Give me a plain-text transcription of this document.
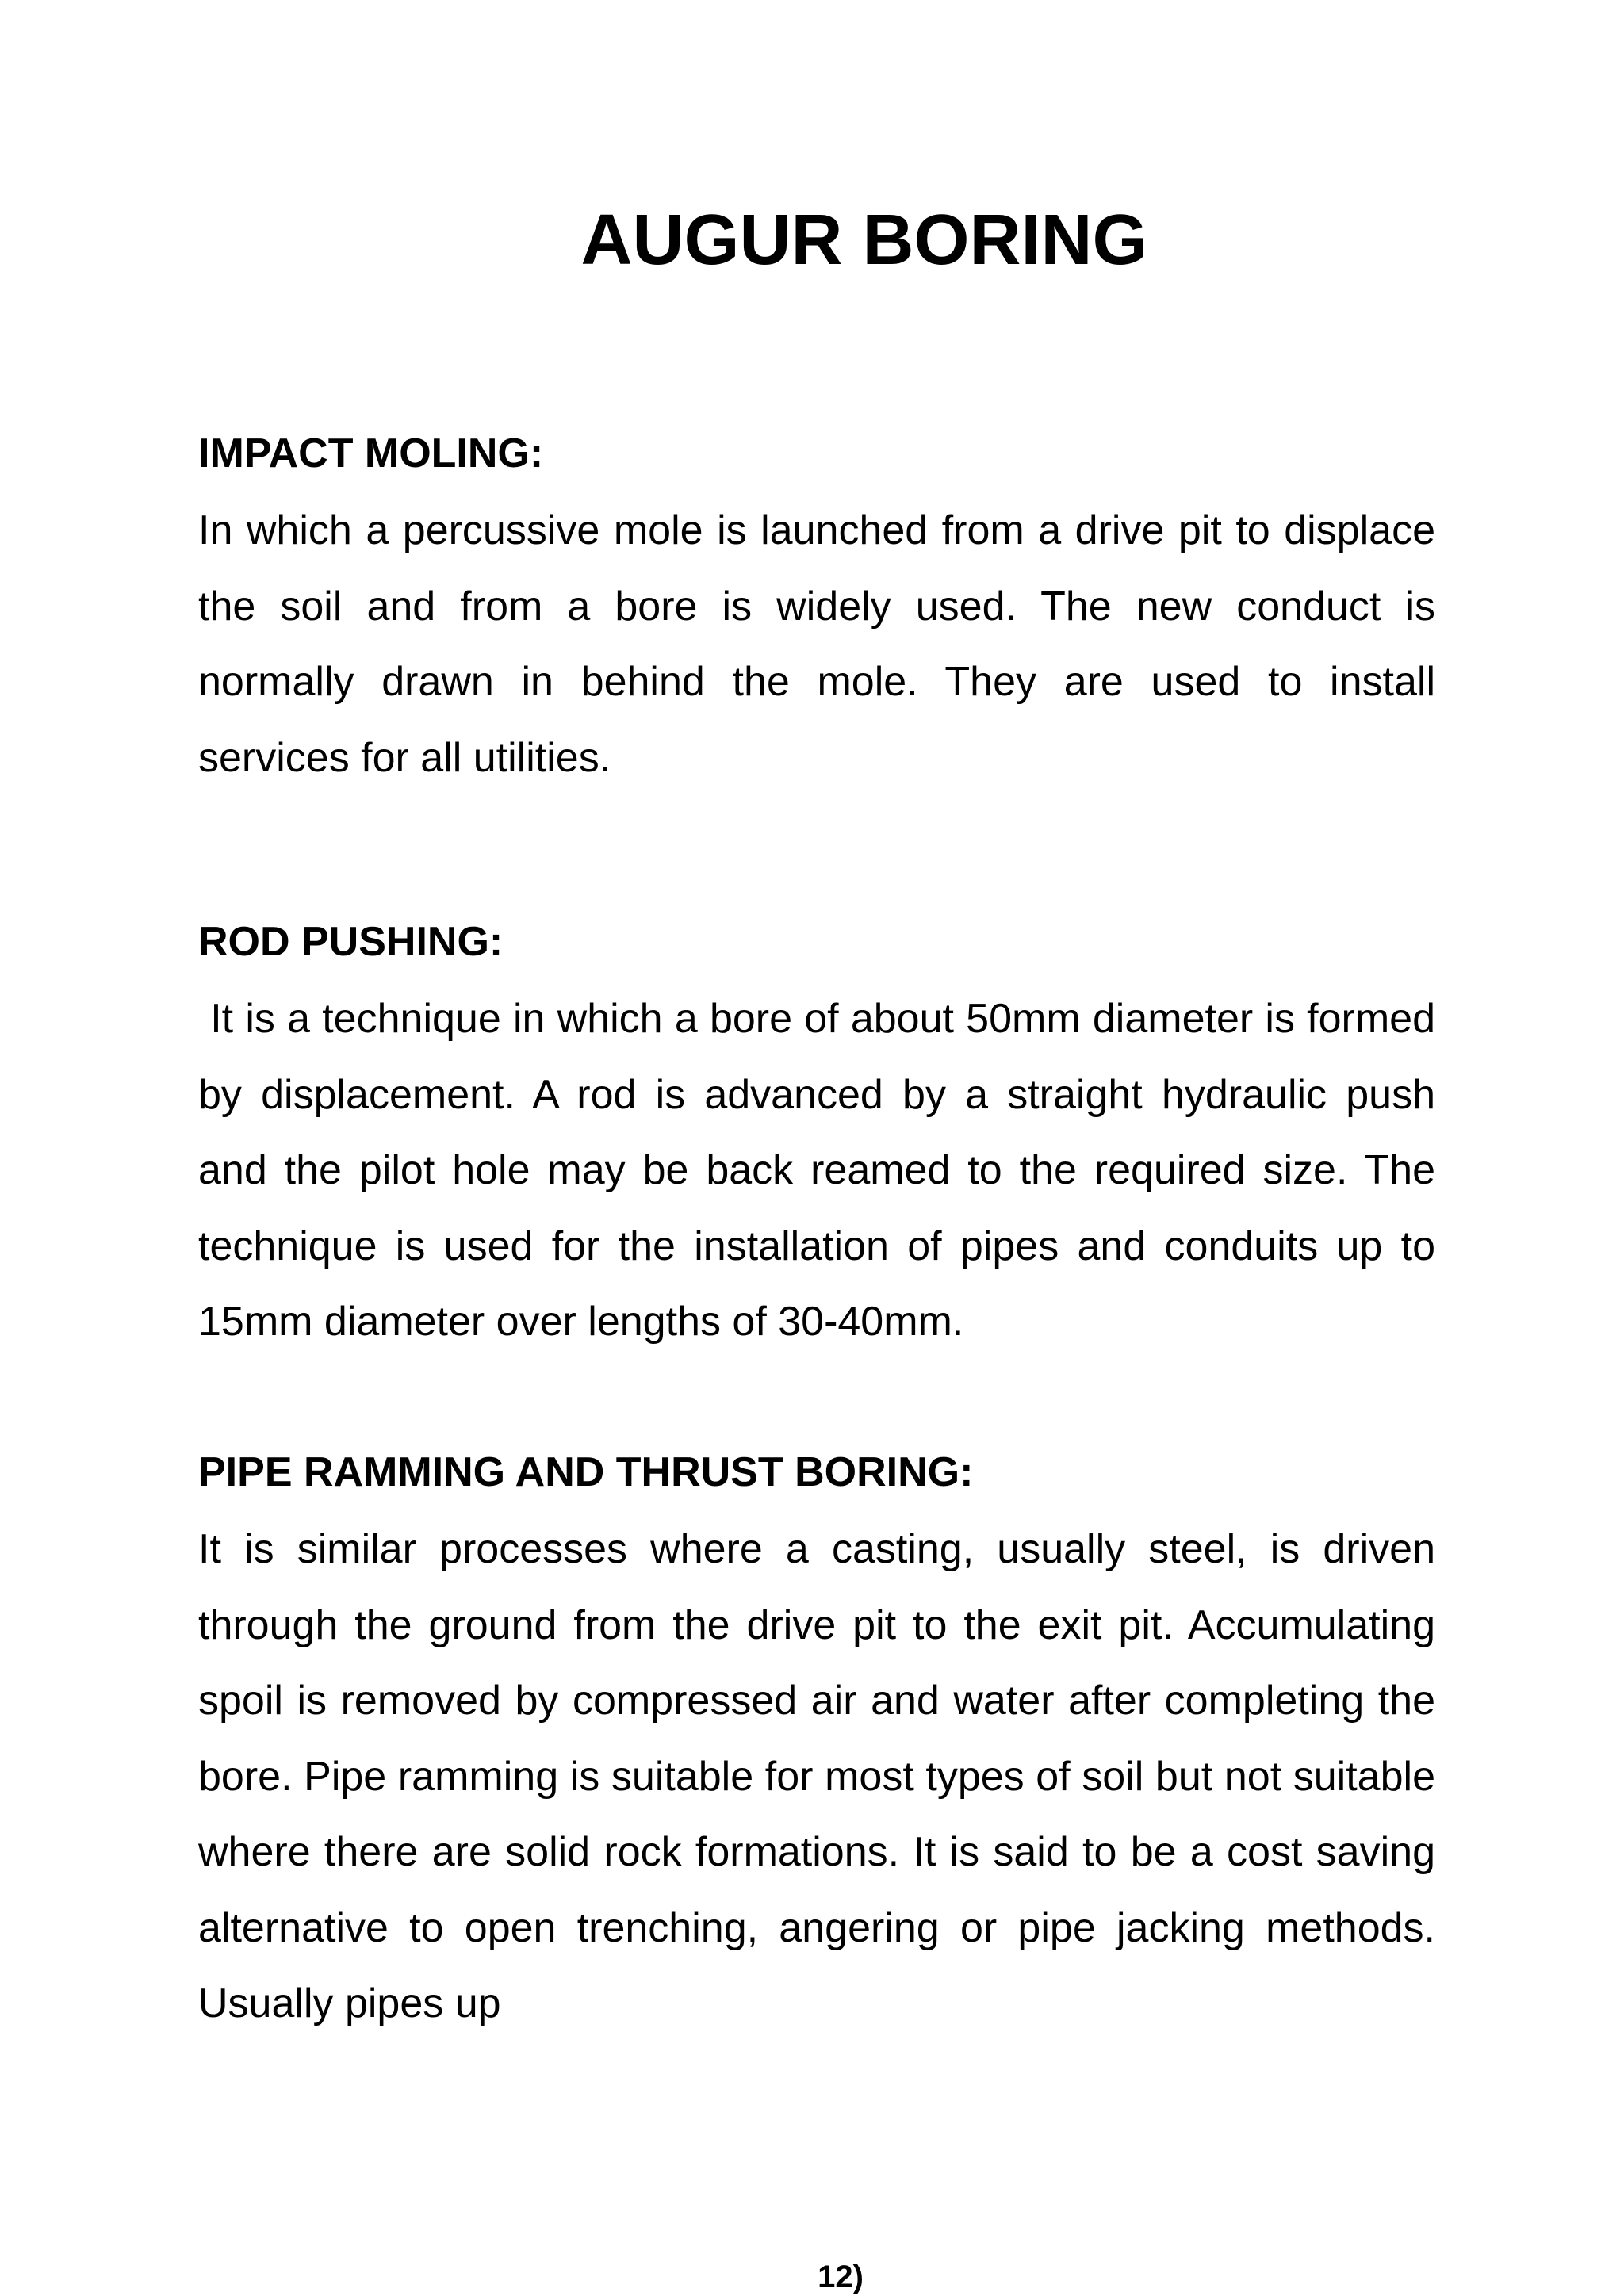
AUGUR BORING

IMPACT MOLING:

In which a percussive mole is launched from a drive pit to displace the soil and from a bore is widely used. The new conduct is normally drawn in behind the mole. They are used to install services for all utilities.

ROD PUSHING:

It is a technique in which a bore of about 50mm diameter is formed by displacement. A rod is advanced by a straight hydraulic push and the pilot hole may be back reamed to the required size. The technique is used for the installation of pipes and conduits up to 15mm diameter over lengths of 30-40mm.

PIPE RAMMING AND THRUST BORING:

It is similar processes where a casting, usually steel, is driven through the ground from the drive pit to the exit pit. Accumulating spoil is removed by compressed air and water after completing the bore. Pipe ramming is suitable for most types of soil but not suitable where there are solid rock formations. It is said to be a cost saving alternative to open trenching, angering or pipe jacking methods. Usually pipes up

12)
